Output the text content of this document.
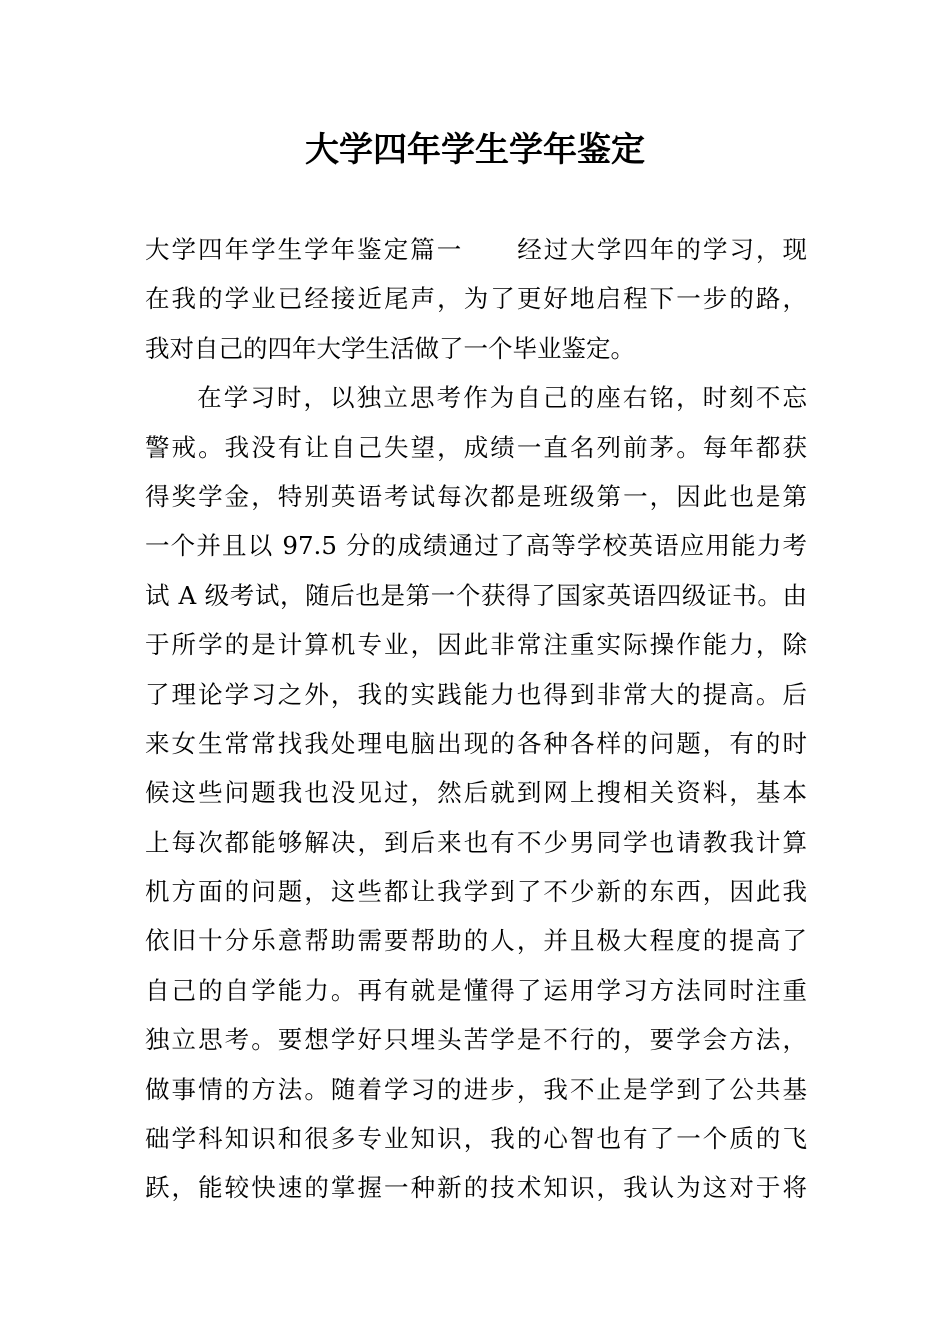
大学四年学生学年鉴定
大学四年学生学年鉴定篇一 经过大学四年的学习，现
在我的学业已经接近尾声，为了更好地启程下一步的路，
我对自己的四年大学生活做了一个毕业鉴定。
在学习时，以独立思考作为自己的座右铭，时刻不忘
警戒。我没有让自己失望，成绩一直名列前茅。每年都获
得奖学金，特别英语考试每次都是班级第一，因此也是第
一个并且以 97.5 分的成绩通过了高等学校英语应用能力考
试 A 级考试，随后也是第一个获得了国家英语四级证书。由
于所学的是计算机专业，因此非常注重实际操作能力，除
了理论学习之外，我的实践能力也得到非常大的提高。后
来女生常常找我处理电脑出现的各种各样的问题，有的时
候这些问题我也没见过，然后就到网上搜相关资料，基本
上每次都能够解决，到后来也有不少男同学也请教我计算
机方面的问题，这些都让我学到了不少新的东西，因此我
依旧十分乐意帮助需要帮助的人，并且极大程度的提高了
自己的自学能力。再有就是懂得了运用学习方法同时注重
独立思考。要想学好只埋头苦学是不行的，要学会方法，
做事情的方法。随着学习的进步，我不止是学到了公共基
础学科知识和很多专业知识，我的心智也有了一个质的飞
跃，能较快速的掌握一种新的技术知识，我认为这对于将
